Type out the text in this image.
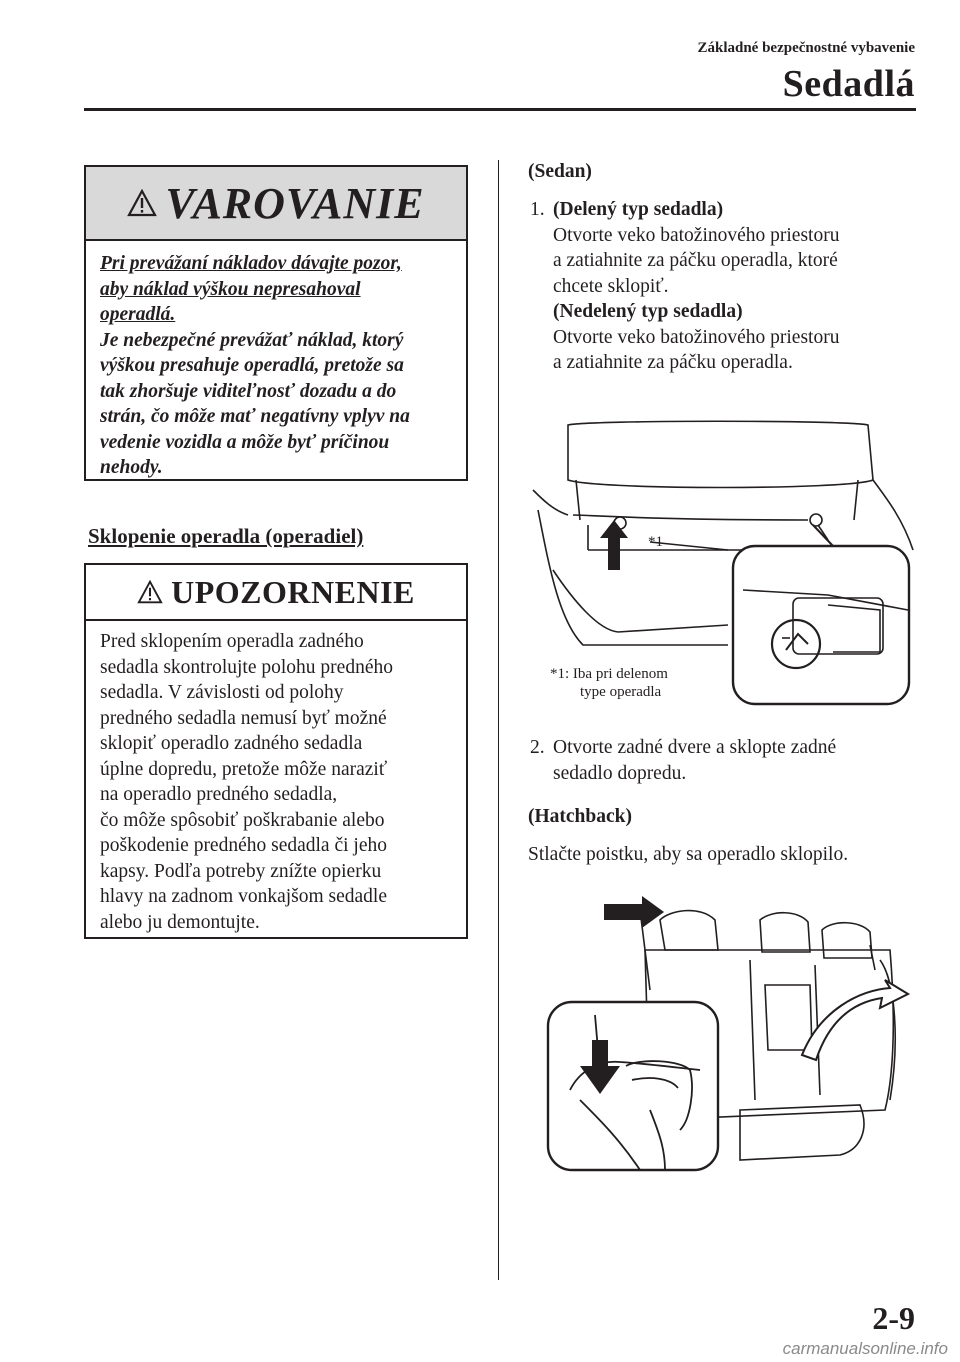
Základné bezpečnostné vybavenie
Sedadlá
VAROVANIE
Pri prevážaní nákladov dávajte pozor,
aby náklad výškou nepresahoval
operadlá.
Je nebezpečné prevážať náklad, ktorý
výškou presahuje operadlá, pretože sa
tak zhoršuje viditeľnosť dozadu a do
strán, čo môže mať negatívny vplyv na
vedenie vozidla a môže byť príčinou
nehody.
Sklopenie operadla (operadiel)
UPOZORNENIE
Pred sklopením operadla zadného
sedadla skontrolujte polohu predného
sedadla. V závislosti od polohy
predného sedadla nemusí byť možné
sklopiť operadlo zadného sedadla
úplne dopredu, pretože môže naraziť
na operadlo predného sedadla,
čo môže spôsobiť poškrabanie alebo
poškodenie predného sedadla či jeho
kapsy. Podľa potreby znížte opierku
hlavy na zadnom vonkajšom sedadle
alebo ju demontujte.
(Sedan)
1. (Delený typ sedadla)
Otvorte veko batožinového priestoru
a zatiahnite za páčku operadla, ktoré
chcete sklopiť.
(Nedelený typ sedadla)
Otvorte veko batožinového priestoru
a zatiahnite za páčku operadla.
*1
*1: Iba pri delenom
type operadla
2. Otvorte zadné dvere a sklopte zadné
sedadlo dopredu.
(Hatchback)
Stlačte poistku, aby sa operadlo sklopilo.
2-9
carmanualsonline.info
